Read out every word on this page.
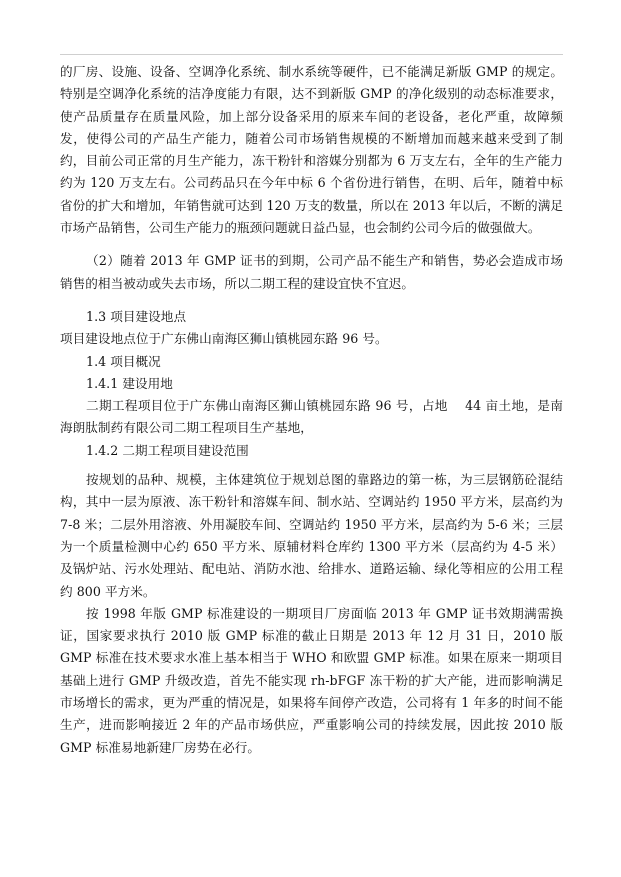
的厂房、设施、设备、空调净化系统、制水系统等硬件，已不能满足新版 GMP 的规定。特别是空调净化系统的洁净度能力有限，达不到新版 GMP 的净化级别的动态标准要求，使产品质量存在质量风险，加上部分设备采用的原来车间的老设备，老化严重，故障频发，使得公司的产品生产能力，随着公司市场销售规模的不断增加而越来越来受到了制约，目前公司正常的月生产能力，冻干粉针和溶媒分别都为 6 万支左右，全年的生产能力约为 120 万支左右。公司药品只在今年中标 6 个省份进行销售，在明、后年，随着中标省份的扩大和增加，年销售就可达到 120 万支的数量，所以在 2013 年以后，不断的满足市场产品销售，公司生产能力的瓶颈问题就日益凸显，也会制约公司今后的做强做大。

（2）随着 2013 年 GMP 证书的到期，公司产品不能生产和销售，势必会造成市场销售的相当被动或失去市场，所以二期工程的建设宜快不宜迟。

1.3 项目建设地点

项目建设地点位于广东佛山南海区狮山镇桃园东路 96 号。

1.4 项目概况

1.4.1 建设用地

二期工程项目位于广东佛山南海区狮山镇桃园东路 96 号，占地　 44 亩土地，是南海朗肽制药有限公司二期工程项目生产基地，

1.4.2 二期工程项目建设范围

按规划的品种、规模，主体建筑位于规划总图的靠路边的第一栋，为三层钢筋砼混结构，其中一层为原液、冻干粉针和溶媒车间、制水站、空调站约 1950 平方米，层高约为 7-8 米；二层外用溶液、外用凝胶车间、空调站约 1950 平方米，层高约为 5-6 米；三层为一个质量检测中心约 650 平方米、原辅材料仓库约 1300 平方米（层高约为 4-5 米）及锅炉站、污水处理站、配电站、消防水池、给排水、道路运输、绿化等相应的公用工程约 800 平方米。

按 1998 年版 GMP 标准建设的一期项目厂房面临 2013 年 GMP 证书效期满需换证，国家要求执行 2010 版 GMP 标准的截止日期是 2013 年 12 月 31 日，2010 版 GMP 标准在技术要求水准上基本相当于 WHO 和欧盟 GMP 标准。如果在原来一期项目基础上进行 GMP 升级改造，首先不能实现 rh-bFGF 冻干粉的扩大产能，进而影响满足市场增长的需求，更为严重的情况是，如果将车间停产改造，公司将有 1 年多的时间不能生产，进而影响接近 2 年的产品市场供应，严重影响公司的持续发展，因此按 2010 版 GMP 标准易地新建厂房势在必行。
